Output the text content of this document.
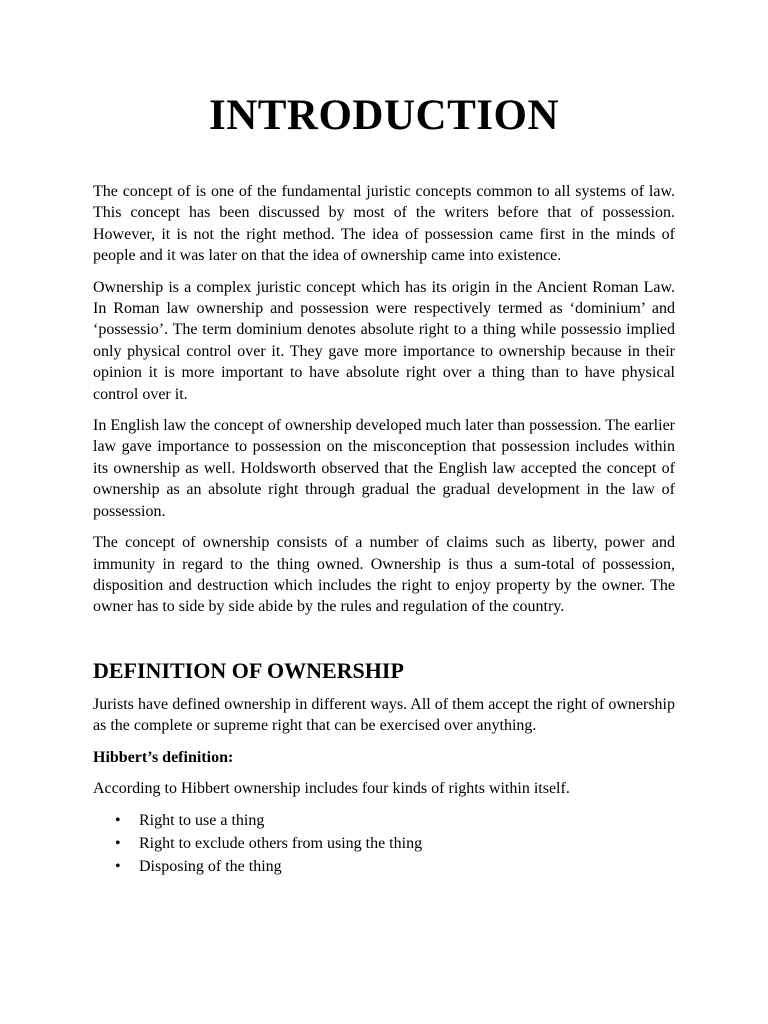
INTRODUCTION

The concept of is one of the fundamental juristic concepts common to all systems of law. This concept has been discussed by most of the writers before that of possession. However, it is not the right method. The idea of possession came first in the minds of people and it was later on that the idea of ownership came into existence.

Ownership is a complex juristic concept which has its origin in the Ancient Roman Law. In Roman law ownership and possession were respectively termed as ‘dominium’ and ‘possessio’. The term dominium denotes absolute right to a thing while possessio implied only physical control over it. They gave more importance to ownership because in their opinion it is more important to have absolute right over a thing than to have physical control over it.

In English law the concept of ownership developed much later than possession. The earlier law gave importance to possession on the misconception that possession includes within its ownership as well. Holdsworth observed that the English law accepted the concept of ownership as an absolute right through gradual the gradual development in the law of possession.

The concept of ownership consists of a number of claims such as liberty, power and immunity in regard to the thing owned. Ownership is thus a sum-total of possession, disposition and destruction which includes the right to enjoy property by the owner. The owner has to side by side abide by the rules and regulation of the country.

DEFINITION OF OWNERSHIP

Jurists have defined ownership in different ways. All of them accept the right of ownership as the complete or supreme right that can be exercised over anything.

Hibbert’s definition:

According to Hibbert ownership includes four kinds of rights within itself.

• Right to use a thing
• Right to exclude others from using the thing
• Disposing of the thing
